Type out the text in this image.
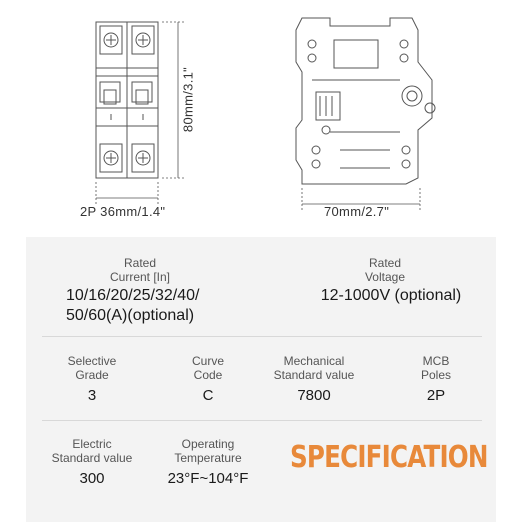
2P 36mm/1.4"
80mm/3.1"
70mm/2.7"
Rated
Current [In]
10/16/20/25/32/40/
50/60(A)(optional)
Rated
Voltage
12-1000V (optional)
Selective
Grade
3
Curve
Code
C
Mechanical
Standard value
7800
MCB
Poles
2P
Electric
Standard value
300
Operating
Temperature
23°F~104°F
SPECIFICATION
